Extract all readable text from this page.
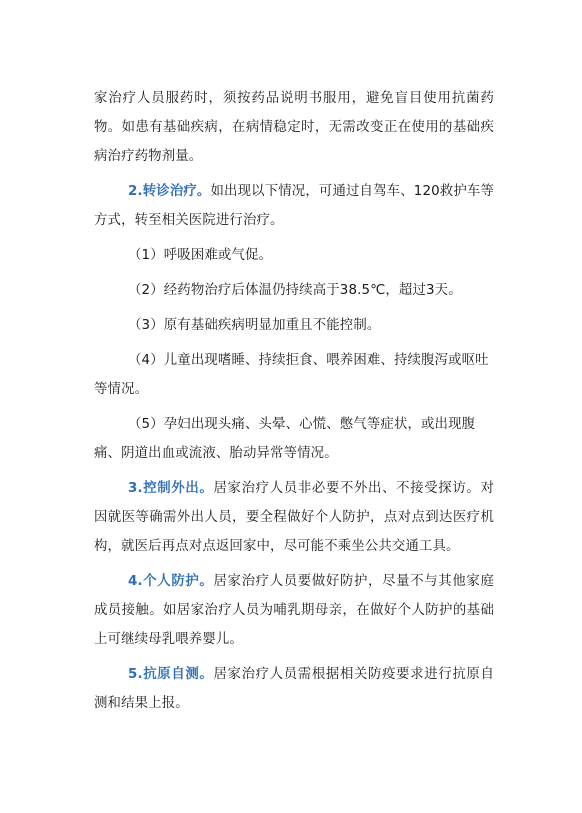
家治疗人员服药时，须按药品说明书服用，避免盲目使用抗菌药物。如患有基础疾病，在病情稳定时，无需改变正在使用的基础疾病治疗药物剂量。

2.转诊治疗。如出现以下情况，可通过自驾车、120救护车等方式，转至相关医院进行治疗。

（1）呼吸困难或气促。

（2）经药物治疗后体温仍持续高于38.5℃，超过3天。

（3）原有基础疾病明显加重且不能控制。

（4）儿童出现嗜睡、持续拒食、喂养困难、持续腹泻或呕吐等情况。

（5）孕妇出现头痛、头晕、心慌、憋气等症状，或出现腹痛、阴道出血或流液、胎动异常等情况。

3.控制外出。居家治疗人员非必要不外出、不接受探访。对因就医等确需外出人员，要全程做好个人防护，点对点到达医疗机构，就医后再点对点返回家中，尽可能不乘坐公共交通工具。

4.个人防护。居家治疗人员要做好防护，尽量不与其他家庭成员接触。如居家治疗人员为哺乳期母亲，在做好个人防护的基础上可继续母乳喂养婴儿。

5.抗原自测。居家治疗人员需根据相关防疫要求进行抗原自测和结果上报。
